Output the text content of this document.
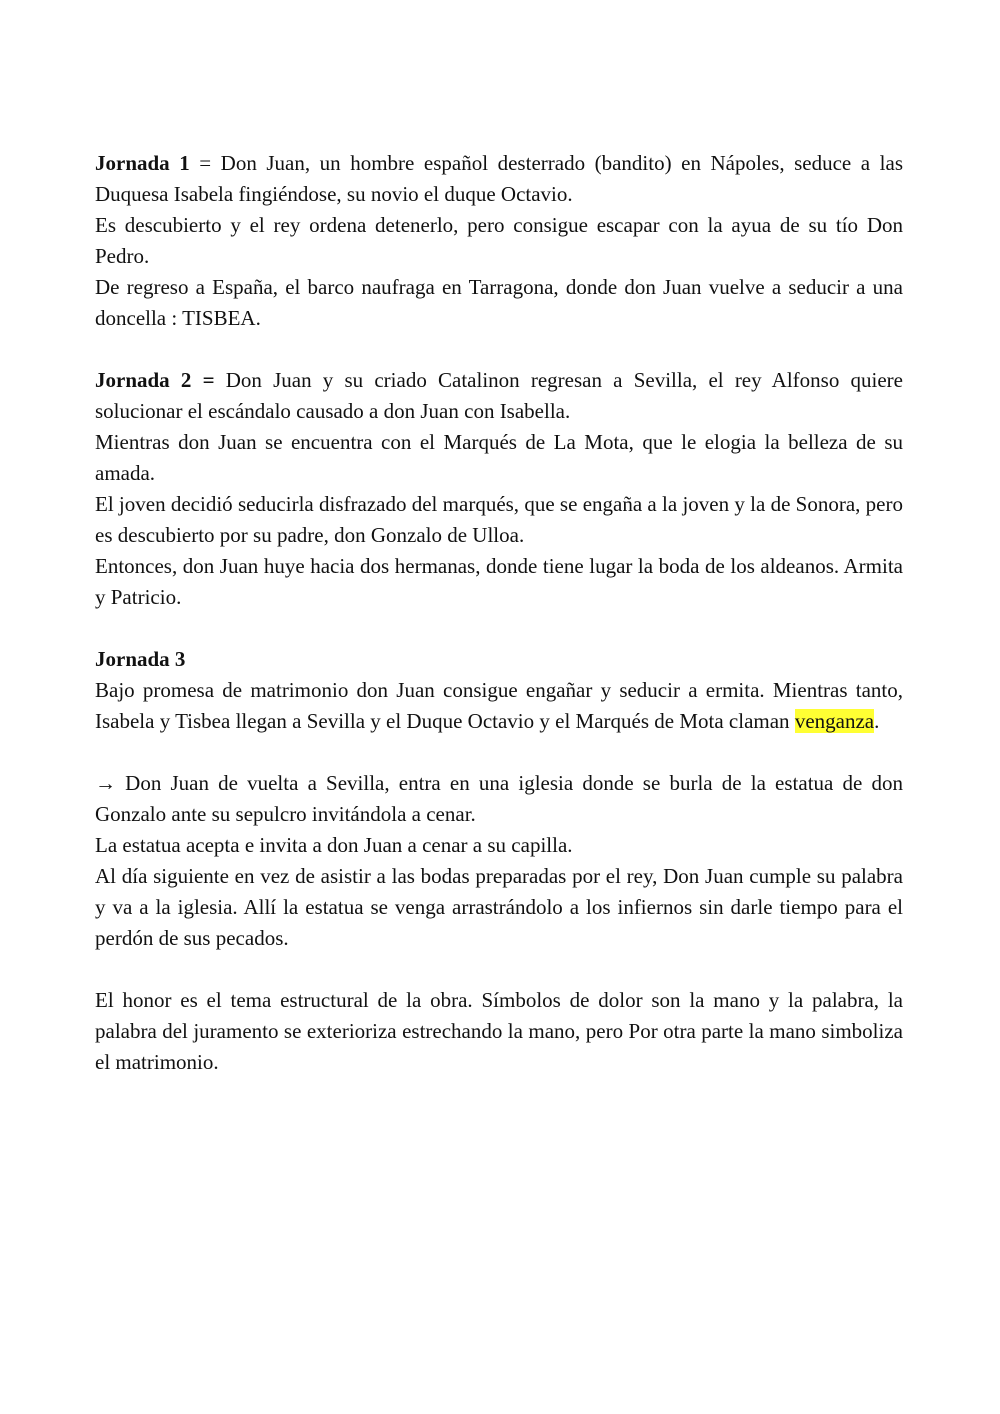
Jornada 1 = Don Juan, un hombre español desterrado (bandito) en Nápoles, seduce a las Duquesa Isabela fingiéndose, su novio el duque Octavio.

Es descubierto y el rey ordena detenerlo, pero consigue escapar con la ayua de su tío Don Pedro.

De regreso a España, el barco naufraga en Tarragona, donde don Juan vuelve a seducir a una doncella : TISBEA.

Jornada 2 = Don Juan y su criado Catalinon regresan a Sevilla, el rey Alfonso quiere solucionar el escándalo causado a don Juan con Isabella.

Mientras don Juan se encuentra con el Marqués de La Mota, que le elogia la belleza de su amada.

El joven decidió seducirla disfrazado del marqués, que se engaña a la joven y la de Sonora, pero es descubierto por su padre, don Gonzalo de Ulloa.

Entonces, don Juan huye hacia dos hermanas, donde tiene lugar la boda de los aldeanos. Armita y Patricio.

Jornada 3

Bajo promesa de matrimonio don Juan consigue engañar y seducir a ermita. Mientras tanto, Isabela y Tisbea llegan a Sevilla y el Duque Octavio y el Marqués de Mota claman venganza.

→ Don Juan de vuelta a Sevilla, entra en una iglesia donde se burla de la estatua de don Gonzalo ante su sepulcro invitándola a cenar.

La estatua acepta e invita a don Juan a cenar a su capilla.

Al día siguiente en vez de asistir a las bodas preparadas por el rey, Don Juan cumple su palabra y va a la iglesia. Allí la estatua se venga arrastrándolo a los infiernos sin darle tiempo para el perdón de sus pecados.

El honor es el tema estructural de la obra. Símbolos de dolor son la mano y la palabra, la palabra del juramento se exterioriza estrechando la mano, pero Por otra parte la mano simboliza el matrimonio.
